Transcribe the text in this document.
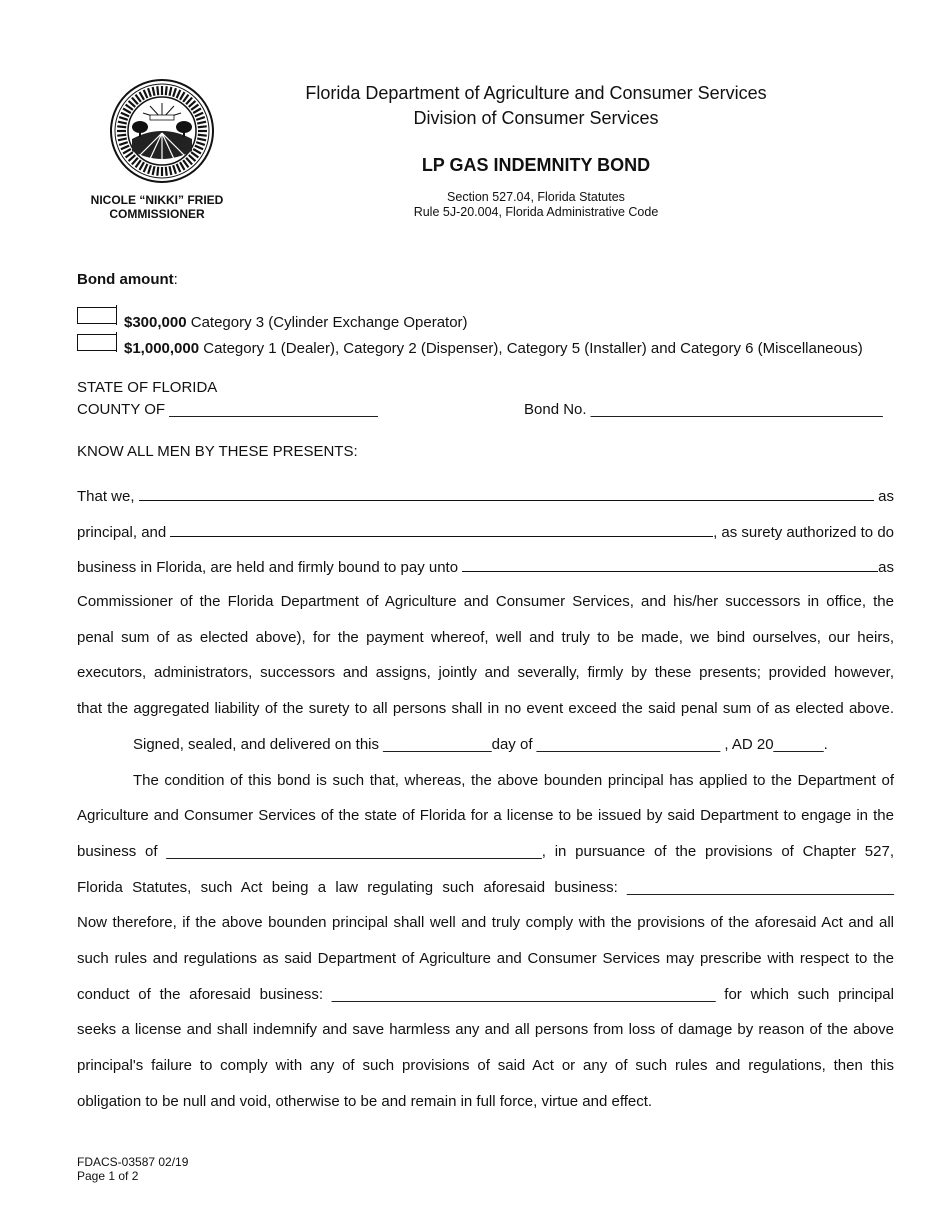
NICOLE “NIKKI” FRIED
COMMISSIONER
Florida Department of Agriculture and Consumer Services
Division of Consumer Services
LP GAS INDEMNITY BOND
Section 527.04, Florida Statutes
Rule 5J-20.004, Florida Administrative Code
Bond amount:
$300,000 Category 3 (Cylinder Exchange Operator)
$1,000,000 Category 1 (Dealer), Category 2 (Dispenser), Category 5 (Installer) and Category 6 (Miscellaneous)
STATE OF FLORIDA
COUNTY OF _________________________	Bond No. ___________________________________
KNOW ALL MEN BY THESE PRESENTS:
That we,	as
principal, and	, as surety authorized to do
business in Florida, are held and firmly bound to pay unto	as
Commissioner of the Florida Department of Agriculture and Consumer Services, and his/her successors in office, the
penal sum of as elected above), for the payment whereof, well and truly to be made, we bind ourselves, our heirs,
executors, administrators, successors and assigns, jointly and severally, firmly by these presents; provided however,
that the aggregated liability of the surety to all persons shall in no event exceed the said penal sum of as elected above.
Signed, sealed, and delivered on this _____________day of ______________________ , AD 20______.
The condition of this bond is such that, whereas, the above bounden principal has applied to the Department of
Agriculture and Consumer Services of the state of Florida for a license to be issued by said Department to engage in the
business of _____________________________________________, in pursuance of the provisions of Chapter 527,
Florida Statutes, such Act being a law regulating such aforesaid business: ________________________________
Now therefore, if the above bounden principal shall well and truly comply with the provisions of the aforesaid Act and all
such rules and regulations as said Department of Agriculture and Consumer Services may prescribe with respect to the
conduct of the aforesaid business: ______________________________________________ for which such principal
seeks a license and shall indemnify and save harmless any and all persons from loss of damage by reason of the above
principal's failure to comply with any of such provisions of said Act or any of such rules and regulations, then this
obligation to be null and void, otherwise to be and remain in full force, virtue and effect.
FDACS-03587 02/19
Page 1 of 2
